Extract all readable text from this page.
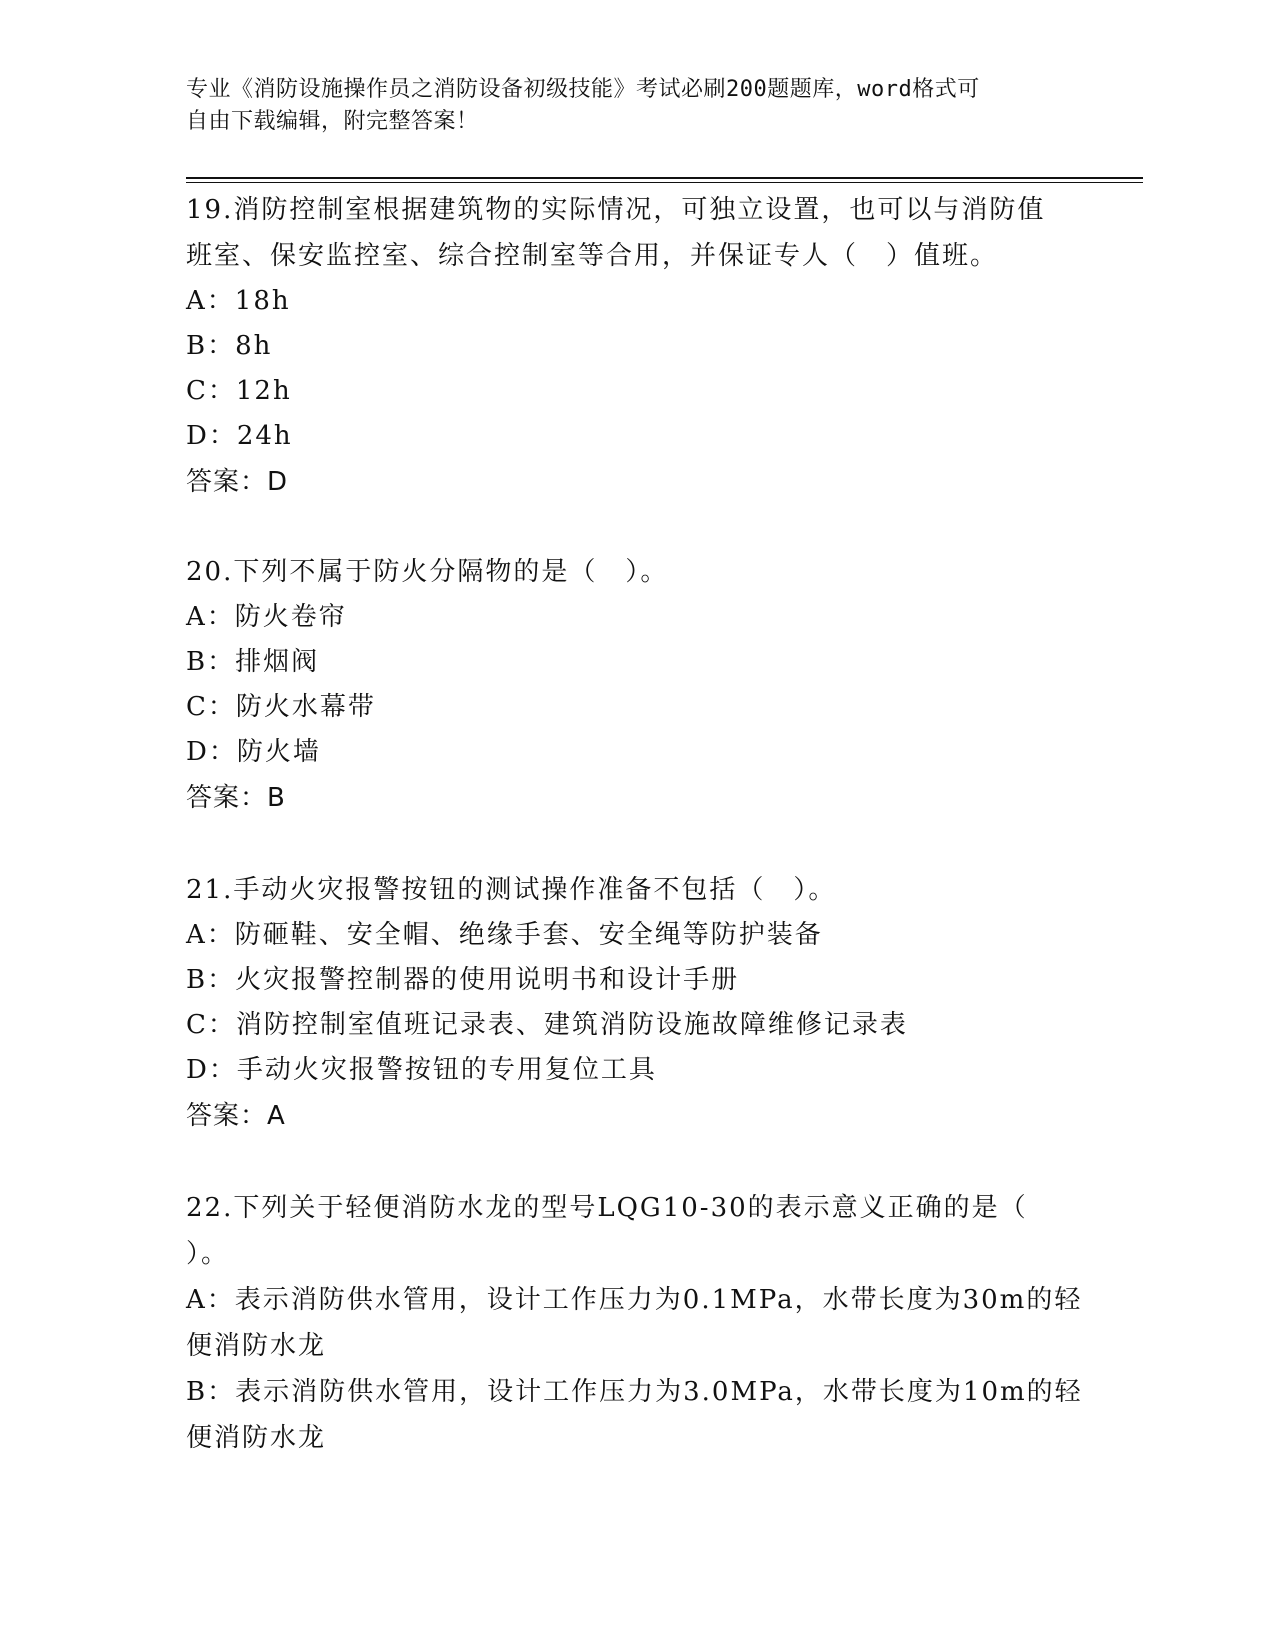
专业《消防设施操作员之消防设备初级技能》考试必刷200题题库，word格式可
自由下载编辑，附完整答案！
19.消防控制室根据建筑物的实际情况，可独立设置，也可以与消防值
班室、保安监控室、综合控制室等合用，并保证专人（　）值班。
A：18h
B：8h
C：12h
D：24h
答案：D
20.下列不属于防火分隔物的是（　）。
A：防火卷帘
B：排烟阀
C：防火水幕带
D：防火墙
答案：B
21.手动火灾报警按钮的测试操作准备不包括（　）。
A：防砸鞋、安全帽、绝缘手套、安全绳等防护装备
B：火灾报警控制器的使用说明书和设计手册
C：消防控制室值班记录表、建筑消防设施故障维修记录表
D：手动火灾报警按钮的专用复位工具
答案：A
22.下列关于轻便消防水龙的型号LQG10-30的表示意义正确的是（
）。
A：表示消防供水管用，设计工作压力为0.1MPa，水带长度为30m的轻
便消防水龙
B：表示消防供水管用，设计工作压力为3.0MPa，水带长度为10m的轻
便消防水龙
